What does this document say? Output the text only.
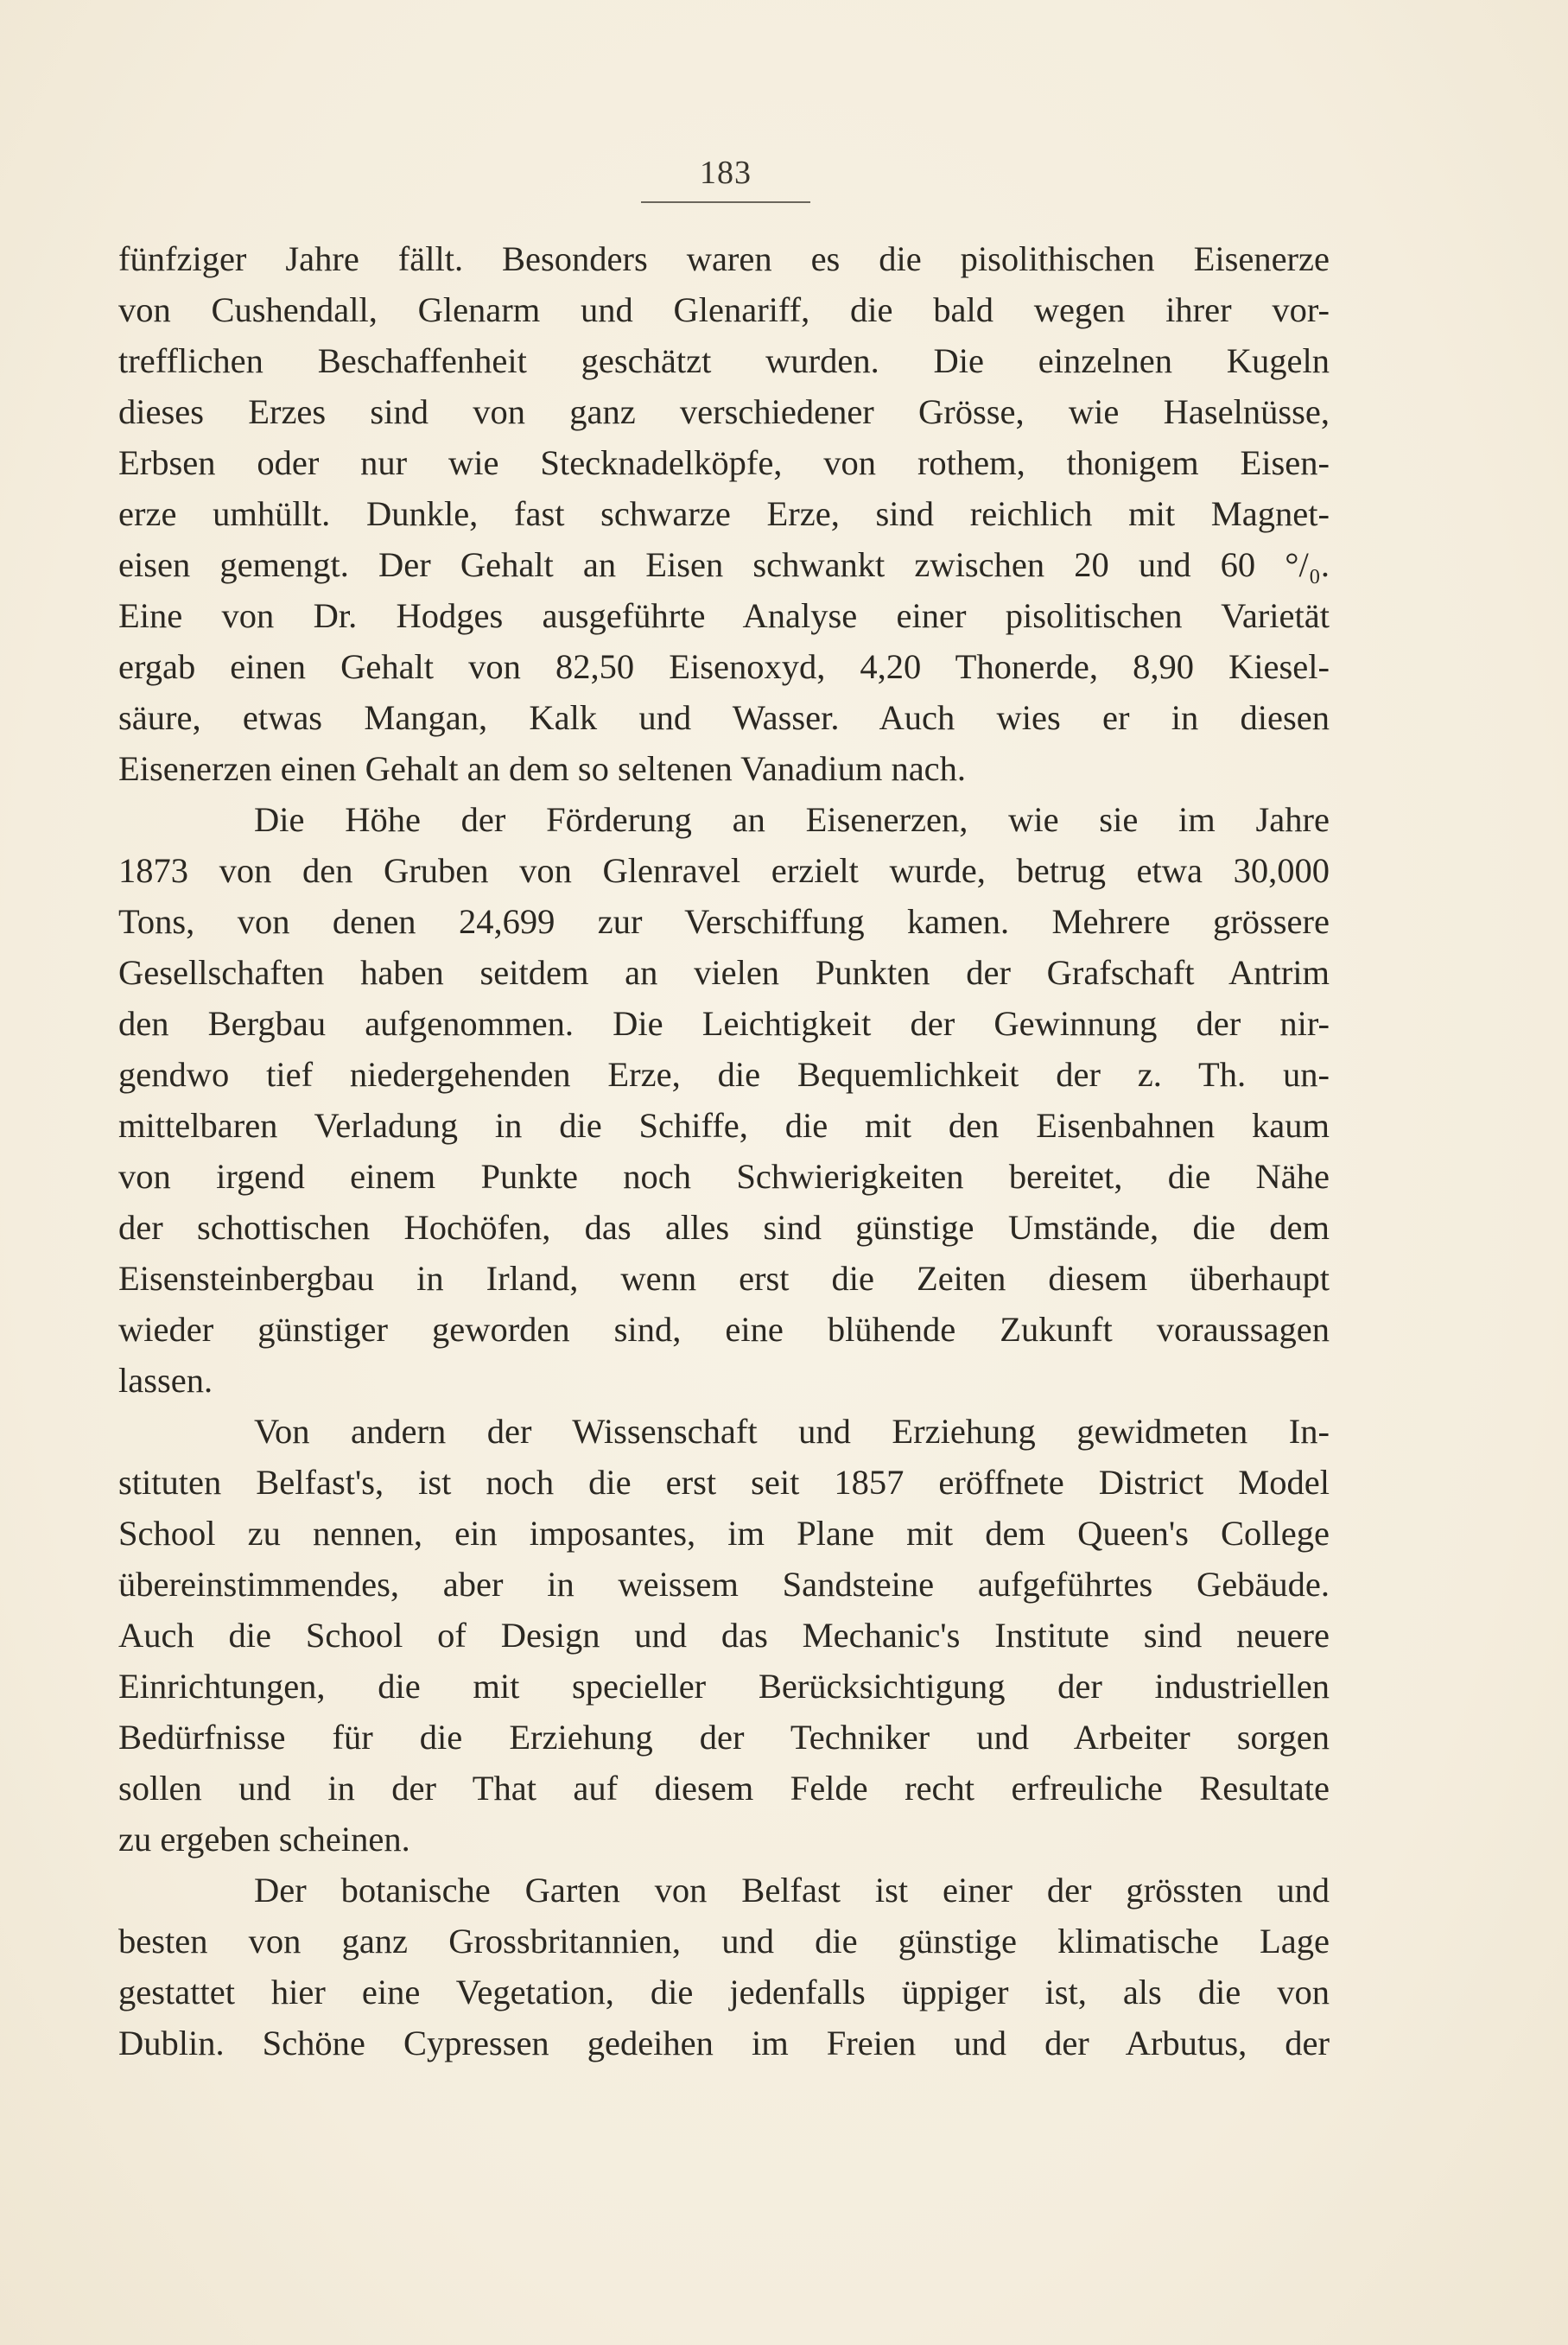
183
fünfziger Jahre fällt. Besonders waren es die pisolithischen Eisenerze
von Cushendall, Glenarm und Glenariff, die bald wegen ihrer vor-
trefflichen Beschaffenheit geschätzt wurden. Die einzelnen Kugeln
dieses Erzes sind von ganz verschiedener Grösse, wie Haselnüsse,
Erbsen oder nur wie Stecknadelköpfe, von rothem, thonigem Eisen-
erze umhüllt. Dunkle, fast schwarze Erze, sind reichlich mit Magnet-
eisen gemengt. Der Gehalt an Eisen schwankt zwischen 20 und 60 °/₀.
Eine von Dr. Hodges ausgeführte Analyse einer pisolitischen Varietät
ergab einen Gehalt von 82,50 Eisenoxyd, 4,20 Thonerde, 8,90 Kiesel-
säure, etwas Mangan, Kalk und Wasser. Auch wies er in diesen
Eisenerzen einen Gehalt an dem so seltenen Vanadium nach.
Die Höhe der Förderung an Eisenerzen, wie sie im Jahre
1873 von den Gruben von Glenravel erzielt wurde, betrug etwa 30,000
Tons, von denen 24,699 zur Verschiffung kamen. Mehrere grössere
Gesellschaften haben seitdem an vielen Punkten der Grafschaft Antrim
den Bergbau aufgenommen. Die Leichtigkeit der Gewinnung der nir-
gendwo tief niedergehenden Erze, die Bequemlichkeit der z. Th. un-
mittelbaren Verladung in die Schiffe, die mit den Eisenbahnen kaum
von irgend einem Punkte noch Schwierigkeiten bereitet, die Nähe
der schottischen Hochöfen, das alles sind günstige Umstände, die dem
Eisensteinbergbau in Irland, wenn erst die Zeiten diesem überhaupt
wieder günstiger geworden sind, eine blühende Zukunft voraussagen
lassen.
Von andern der Wissenschaft und Erziehung gewidmeten In-
stituten Belfast's, ist noch die erst seit 1857 eröffnete District Model
School zu nennen, ein imposantes, im Plane mit dem Queen's College
übereinstimmendes, aber in weissem Sandsteine aufgeführtes Gebäude.
Auch die School of Design und das Mechanic's Institute sind neuere
Einrichtungen, die mit specieller Berücksichtigung der industriellen
Bedürfnisse für die Erziehung der Techniker und Arbeiter sorgen
sollen und in der That auf diesem Felde recht erfreuliche Resultate
zu ergeben scheinen.
Der botanische Garten von Belfast ist einer der grössten und
besten von ganz Grossbritannien, und die günstige klimatische Lage
gestattet hier eine Vegetation, die jedenfalls üppiger ist, als die von
Dublin. Schöne Cypressen gedeihen im Freien und der Arbutus, der
